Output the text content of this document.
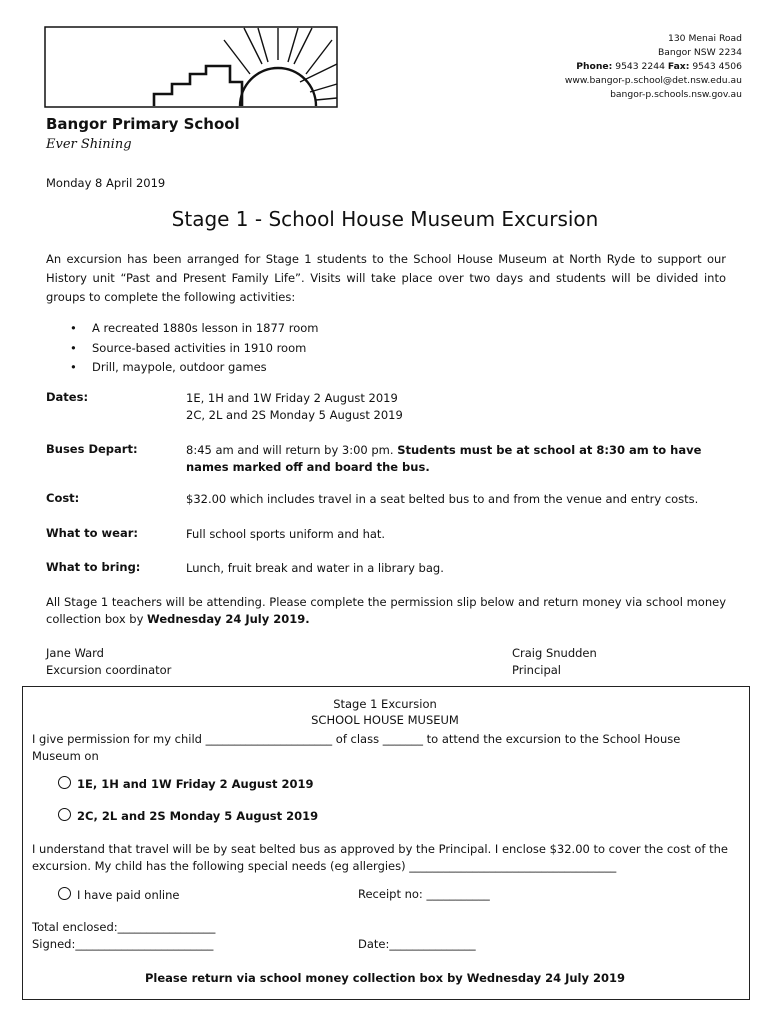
130 Menai Road
Bangor NSW 2234
Phone: 9543 2244 Fax: 9543 4506
www.bangor-p.school@det.nsw.edu.au
bangor-p.schools.nsw.gov.au
Bangor Primary School
Ever Shining
Monday 8 April 2019
Stage 1 - School House Museum Excursion
An excursion has been arranged for Stage 1 students to the School House Museum at North Ryde to support our History unit “Past and Present Family Life”. Visits will take place over two days and students will be divided into groups to complete the following activities:
• A recreated 1880s lesson in 1877 room
• Source-based activities in 1910 room
• Drill, maypole, outdoor games
Dates:	1E, 1H and 1W Friday 2 August 2019
2C, 2L and 2S Monday 5 August 2019
Buses Depart:	8:45 am and will return by 3:00 pm. Students must be at school at 8:30 am to have names marked off and board the bus.
Cost:	$32.00 which includes travel in a seat belted bus to and from the venue and entry costs.
What to wear:	Full school sports uniform and hat.
What to bring:	Lunch, fruit break and water in a library bag.
All Stage 1 teachers will be attending. Please complete the permission slip below and return money via school money collection box by Wednesday 24 July 2019.
Jane Ward
Excursion coordinator
Craig Snudden
Principal
Stage 1 Excursion
SCHOOL HOUSE MUSEUM
I give permission for my child ______________________ of class _______ to attend the excursion to the School House Museum on
1E, 1H and 1W Friday 2 August 2019
2C, 2L and 2S Monday 5 August 2019
I understand that travel will be by seat belted bus as approved by the Principal. I enclose $32.00 to cover the cost of the excursion. My child has the following special needs (eg allergies) ____________________________________
I have paid online	Receipt no: ___________
Total enclosed:_________________
Signed:________________________	Date:_______________
Please return via school money collection box by Wednesday 24 July 2019
